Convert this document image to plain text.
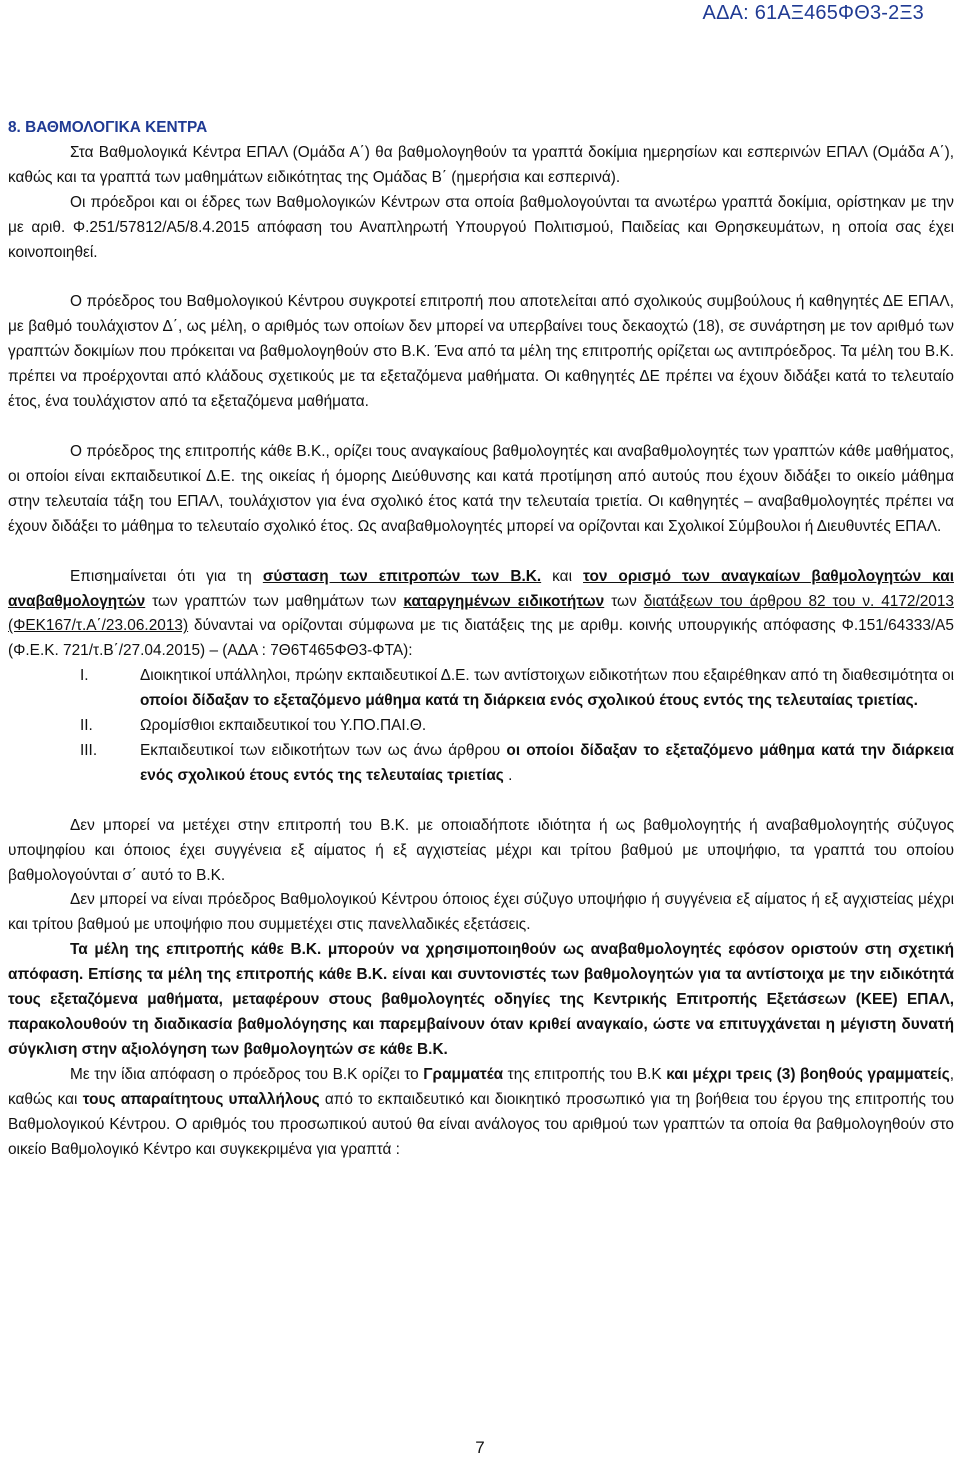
ΑΔΑ: 61ΑΞ465ΦΘ3-2Ξ3

8. ΒΑΘΜΟΛΟΓΙΚΑ ΚΕΝΤΡΑ

Στα Βαθμολογικά Κέντρα ΕΠΑΛ (Ομάδα Α΄) θα βαθμολογηθούν τα γραπτά δοκίμια ημερησίων και εσπερινών ΕΠΑΛ (Ομάδα Α΄), καθώς και τα γραπτά των μαθημάτων ειδικότητας της Ομάδας Β΄ (ημερήσια και εσπερινά).

Οι πρόεδροι και οι έδρες των Βαθμολογικών Κέντρων στα οποία βαθμολογούνται τα ανωτέρω γραπτά δοκίμια, ορίστηκαν με την με αριθ. Φ.251/57812/Α5/8.4.2015 απόφαση του Αναπληρωτή Υπουργού Πολιτισμού, Παιδείας και Θρησκευμάτων, η οποία σας έχει κοινοποιηθεί.

Ο πρόεδρος του Βαθμολογικού Κέντρου συγκροτεί επιτροπή που αποτελείται από σχολικούς συμβούλους ή καθηγητές ΔΕ ΕΠΑΛ, με βαθμό τουλάχιστον Δ΄, ως μέλη, ο αριθμός των οποίων δεν μπορεί να υπερβαίνει τους δεκαοχτώ (18), σε συνάρτηση με τον αριθμό των γραπτών δοκιμίων που πρόκειται να βαθμολογηθούν στο Β.Κ. Ένα από τα μέλη της επιτροπής ορίζεται ως αντιπρόεδρος. Τα μέλη του Β.Κ. πρέπει να προέρχονται από κλάδους σχετικούς με τα εξεταζόμενα μαθήματα. Οι καθηγητές ΔΕ πρέπει να έχουν διδάξει κατά το τελευταίο έτος, ένα τουλάχιστον από τα εξεταζόμενα μαθήματα.

Ο πρόεδρος της επιτροπής κάθε Β.Κ., ορίζει τους αναγκαίους βαθμολογητές και αναβαθμολογητές των γραπτών κάθε μαθήματος, οι οποίοι είναι εκπαιδευτικοί Δ.Ε. της οικείας ή όμορης Διεύθυνσης και κατά προτίμηση από αυτούς που έχουν διδάξει το οικείο μάθημα στην τελευταία τάξη του ΕΠΑΛ, τουλάχιστον για ένα σχολικό έτος κατά την τελευταία τριετία. Οι καθηγητές – αναβαθμολογητές πρέπει να έχουν διδάξει το μάθημα το τελευταίο σχολικό έτος. Ως αναβαθμολογητές μπορεί να ορίζονται και Σχολικοί Σύμβουλοι ή Διευθυντές ΕΠΑΛ.

Επισημαίνεται ότι για τη σύσταση των επιτροπών των Β.Κ. και τον ορισμό των αναγκαίων βαθμολογητών και αναβαθμολογητών των γραπτών των μαθημάτων των καταργημένων ειδικοτήτων των διατάξεων του άρθρου 82 του ν. 4172/2013 (ΦΕΚ167/τ.Α΄/23.06.2013) δύναντai να ορίζονται σύμφωνα με τις διατάξεις της με αριθμ. κοινής υπουργικής απόφασης Φ.151/64333/Α5 (Φ.Ε.Κ. 721/τ.Β΄/27.04.2015) – (ΑΔΑ : 7Θ6Τ465ΦΘ3-ΦΤΑ):

I.	Διοικητικοί υπάλληλοι, πρώην εκπαιδευτικοί Δ.Ε. των αντίστοιχων ειδικοτήτων που εξαιρέθηκαν από τη διαθεσιμότητα οι οποίοι δίδαξαν το εξεταζόμενο μάθημα κατά τη διάρκεια ενός σχολικού έτους εντός της τελευταίας τριετίας.
II.	Ωρομίσθιοι εκπαιδευτικοί του Υ.ΠΟ.ΠΑΙ.Θ.
III.	Εκπαιδευτικοί των ειδικοτήτων των ως άνω άρθρου οι οποίοι δίδαξαν το εξεταζόμενο μάθημα κατά την διάρκεια ενός σχολικού έτους εντός της τελευταίας τριετίας .

Δεν μπορεί να μετέχει στην επιτροπή του Β.Κ. με οποιαδήποτε ιδιότητα ή ως βαθμολογητής ή αναβαθμολογητής σύζυγος υποψηφίου και όποιος έχει συγγένεια εξ αίματος ή εξ αγχιστείας μέχρι και τρίτου βαθμού με υποψήφιο, τα γραπτά του οποίου βαθμολογούνται σ΄ αυτό το Β.Κ.

Δεν μπορεί να είναι πρόεδρος Βαθμολογικού Κέντρου όποιος έχει σύζυγο υποψήφιο ή συγγένεια εξ αίματος ή εξ αγχιστείας μέχρι και τρίτου βαθμού με υποψήφιο που συμμετέχει στις πανελλαδικές εξετάσεις.

Τα μέλη της επιτροπής κάθε Β.Κ. μπορούν να χρησιμοποιηθούν ως αναβαθμολογητές εφόσον οριστούν στη σχετική απόφαση. Επίσης τα μέλη της επιτροπής κάθε Β.Κ. είναι και συντονιστές των βαθμολογητών για τα αντίστοιχα με την ειδικότητά τους εξεταζόμενα μαθήματα, μεταφέρουν στους βαθμολογητές οδηγίες της Κεντρικής Επιτροπής Εξετάσεων (ΚΕΕ) ΕΠΑΛ, παρακολουθούν τη διαδικασία βαθμολόγησης και παρεμβαίνουν όταν κριθεί αναγκαίο, ώστε να επιτυγχάνεται η μέγιστη δυνατή σύγκλιση στην αξιολόγηση των βαθμολογητών σε κάθε Β.Κ.

Με την ίδια απόφαση ο πρόεδρος του Β.Κ ορίζει το Γραμματέα της επιτροπής του Β.Κ και μέχρι τρεις (3) βοηθούς γραμματείς, καθώς και τους απαραίτητους υπαλλήλους από το εκπαιδευτικό και διοικητικό προσωπικό για τη βοήθεια του έργου της επιτροπής του Βαθμολογικού Κέντρου. Ο αριθμός του προσωπικού αυτού θα είναι ανάλογος του αριθμού των γραπτών τα οποία θα βαθμολογηθούν στο οικείο Βαθμολογικό Κέντρο και συγκεκριμένα για γραπτά :

7
